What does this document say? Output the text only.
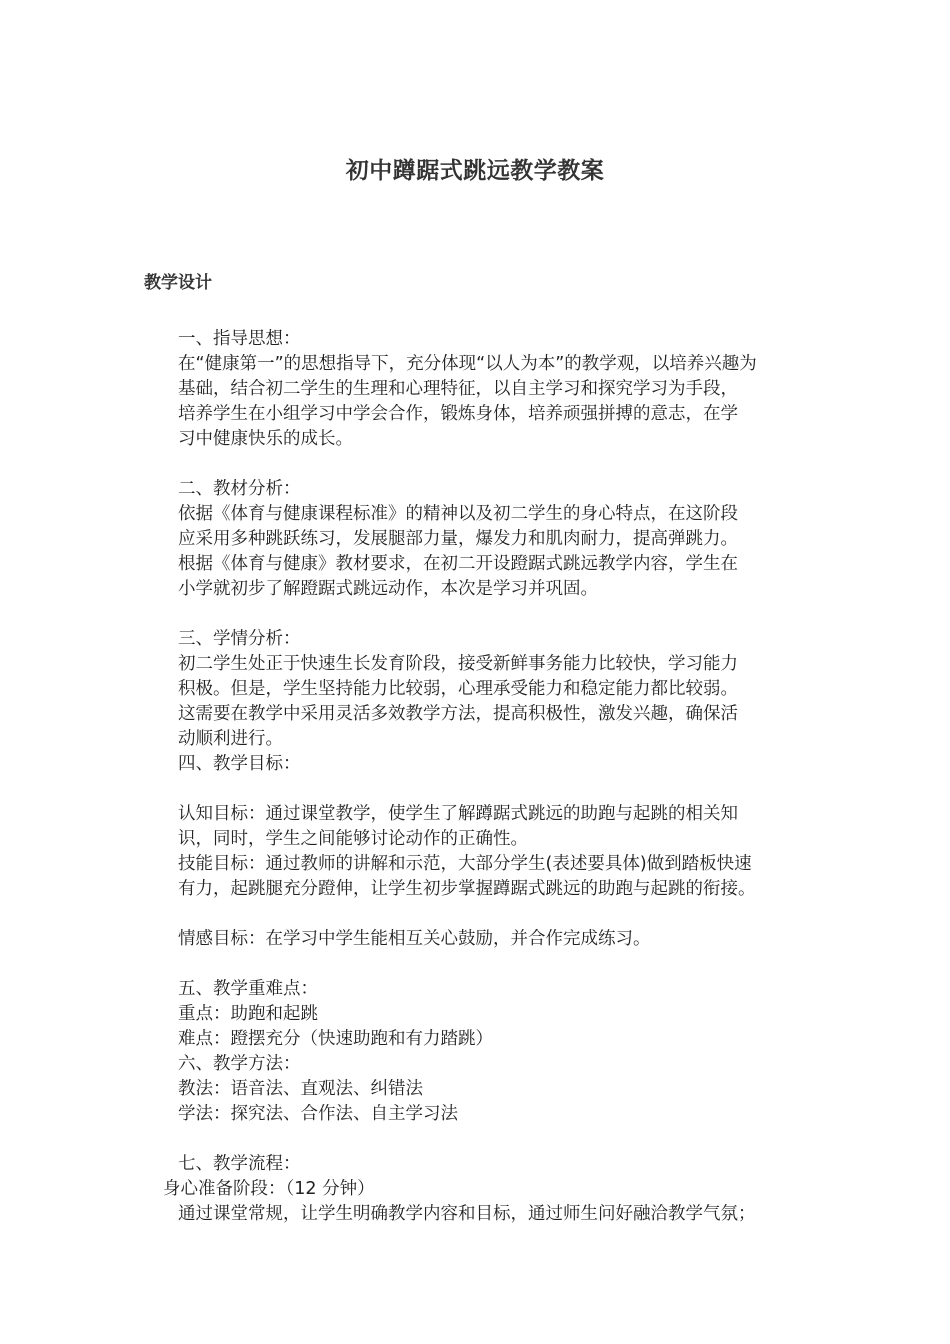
初中蹲踞式跳远教学教案
教学设计
一、指导思想：
在“健康第一”的思想指导下，充分体现“以人为本”的教学观，以培养兴趣为
基础，结合初二学生的生理和心理特征，以自主学习和探究学习为手段，
培养学生在小组学习中学会合作，锻炼身体，培养顽强拼搏的意志，在学
习中健康快乐的成长。
二、教材分析：
依据《体育与健康课程标准》的精神以及初二学生的身心特点，在这阶段
应采用多种跳跃练习，发展腿部力量，爆发力和肌肉耐力，提高弹跳力。
根据《体育与健康》教材要求，在初二开设蹬踞式跳远教学内容，学生在
小学就初步了解蹬踞式跳远动作，本次是学习并巩固。
三、学情分析：
初二学生处正于快速生长发育阶段，接受新鲜事务能力比较快，学习能力
积极。但是，学生坚持能力比较弱，心理承受能力和稳定能力都比较弱。
这需要在教学中采用灵活多效教学方法，提高积极性，激发兴趣，确保活
动顺利进行。
四、教学目标：
认知目标：通过课堂教学，使学生了解蹲踞式跳远的助跑与起跳的相关知
识，同时，学生之间能够讨论动作的正确性。
技能目标：通过教师的讲解和示范，大部分学生(表述要具体)做到踏板快速
有力，起跳腿充分蹬伸，让学生初步掌握蹲踞式跳远的助跑与起跳的衔接。
情感目标：在学习中学生能相互关心鼓励，并合作完成练习。
五、教学重难点：
重点：助跑和起跳
难点：蹬摆充分（快速助跑和有力踏跳）
六、教学方法：
教法：语音法、直观法、纠错法
学法：探究法、合作法、自主学习法
七、教学流程：
身心准备阶段：（12 分钟）
通过课堂常规，让学生明确教学内容和目标，通过师生问好融洽教学气氛；
